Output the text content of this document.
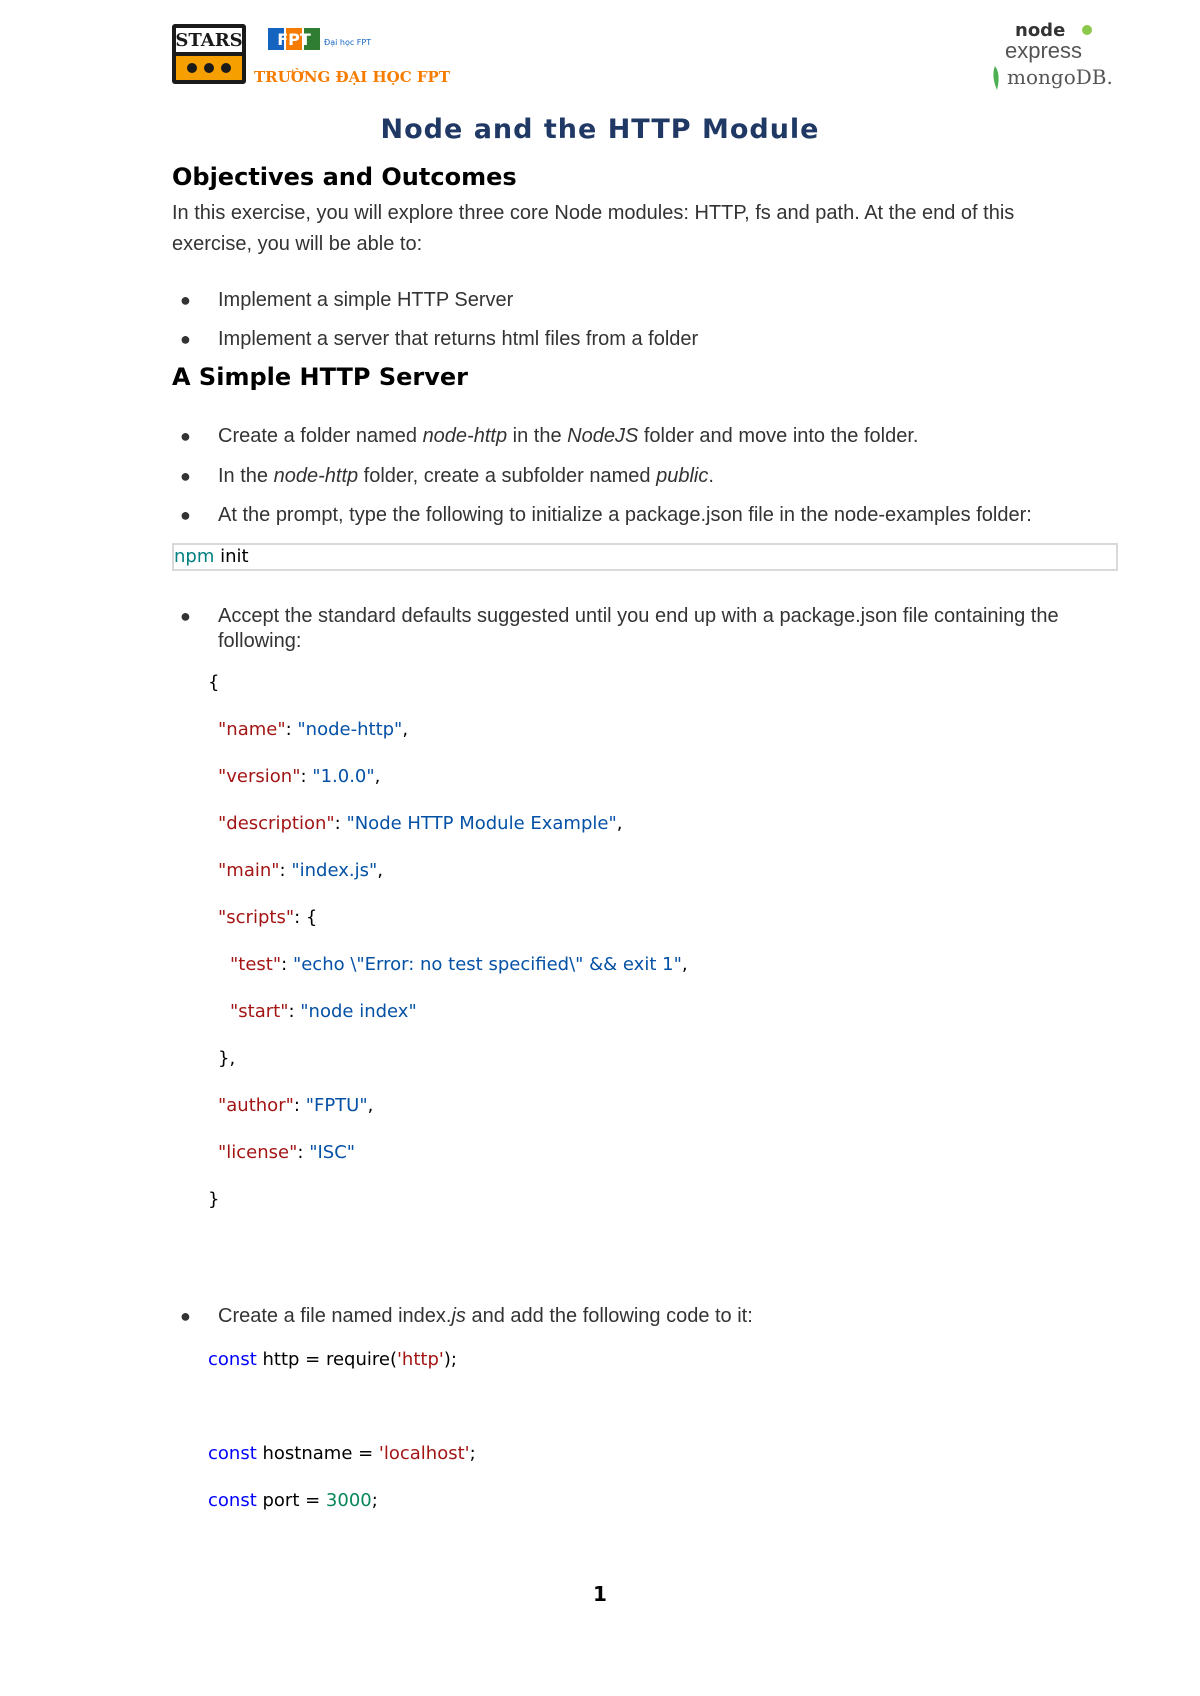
STARS FPT Đại học FPT
TRƯỜNG ĐẠI HỌC FPT
node
express
mongoDB.
Node and the HTTP Module
Objectives and Outcomes
In this exercise, you will explore three core Node modules: HTTP, fs and path. At the end of this exercise, you will be able to:
● Implement a simple HTTP Server
● Implement a server that returns html files from a folder
A Simple HTTP Server
● Create a folder named node-http in the NodeJS folder and move into the folder.
● In the node-http folder, create a subfolder named public.
● At the prompt, type the following to initialize a package.json file in the node-examples folder:
npm init
● Accept the standard defaults suggested until you end up with a package.json file containing the following:
{
"name": "node-http",
"version": "1.0.0",
"description": "Node HTTP Module Example",
"main": "index.js",
"scripts": {
"test": "echo \"Error: no test specified\" && exit 1",
"start": "node index"
},
"author": "FPTU",
"license": "ISC"
}
● Create a file named index.js and add the following code to it:
const http = require('http');
const hostname = 'localhost';
const port = 3000;
1
